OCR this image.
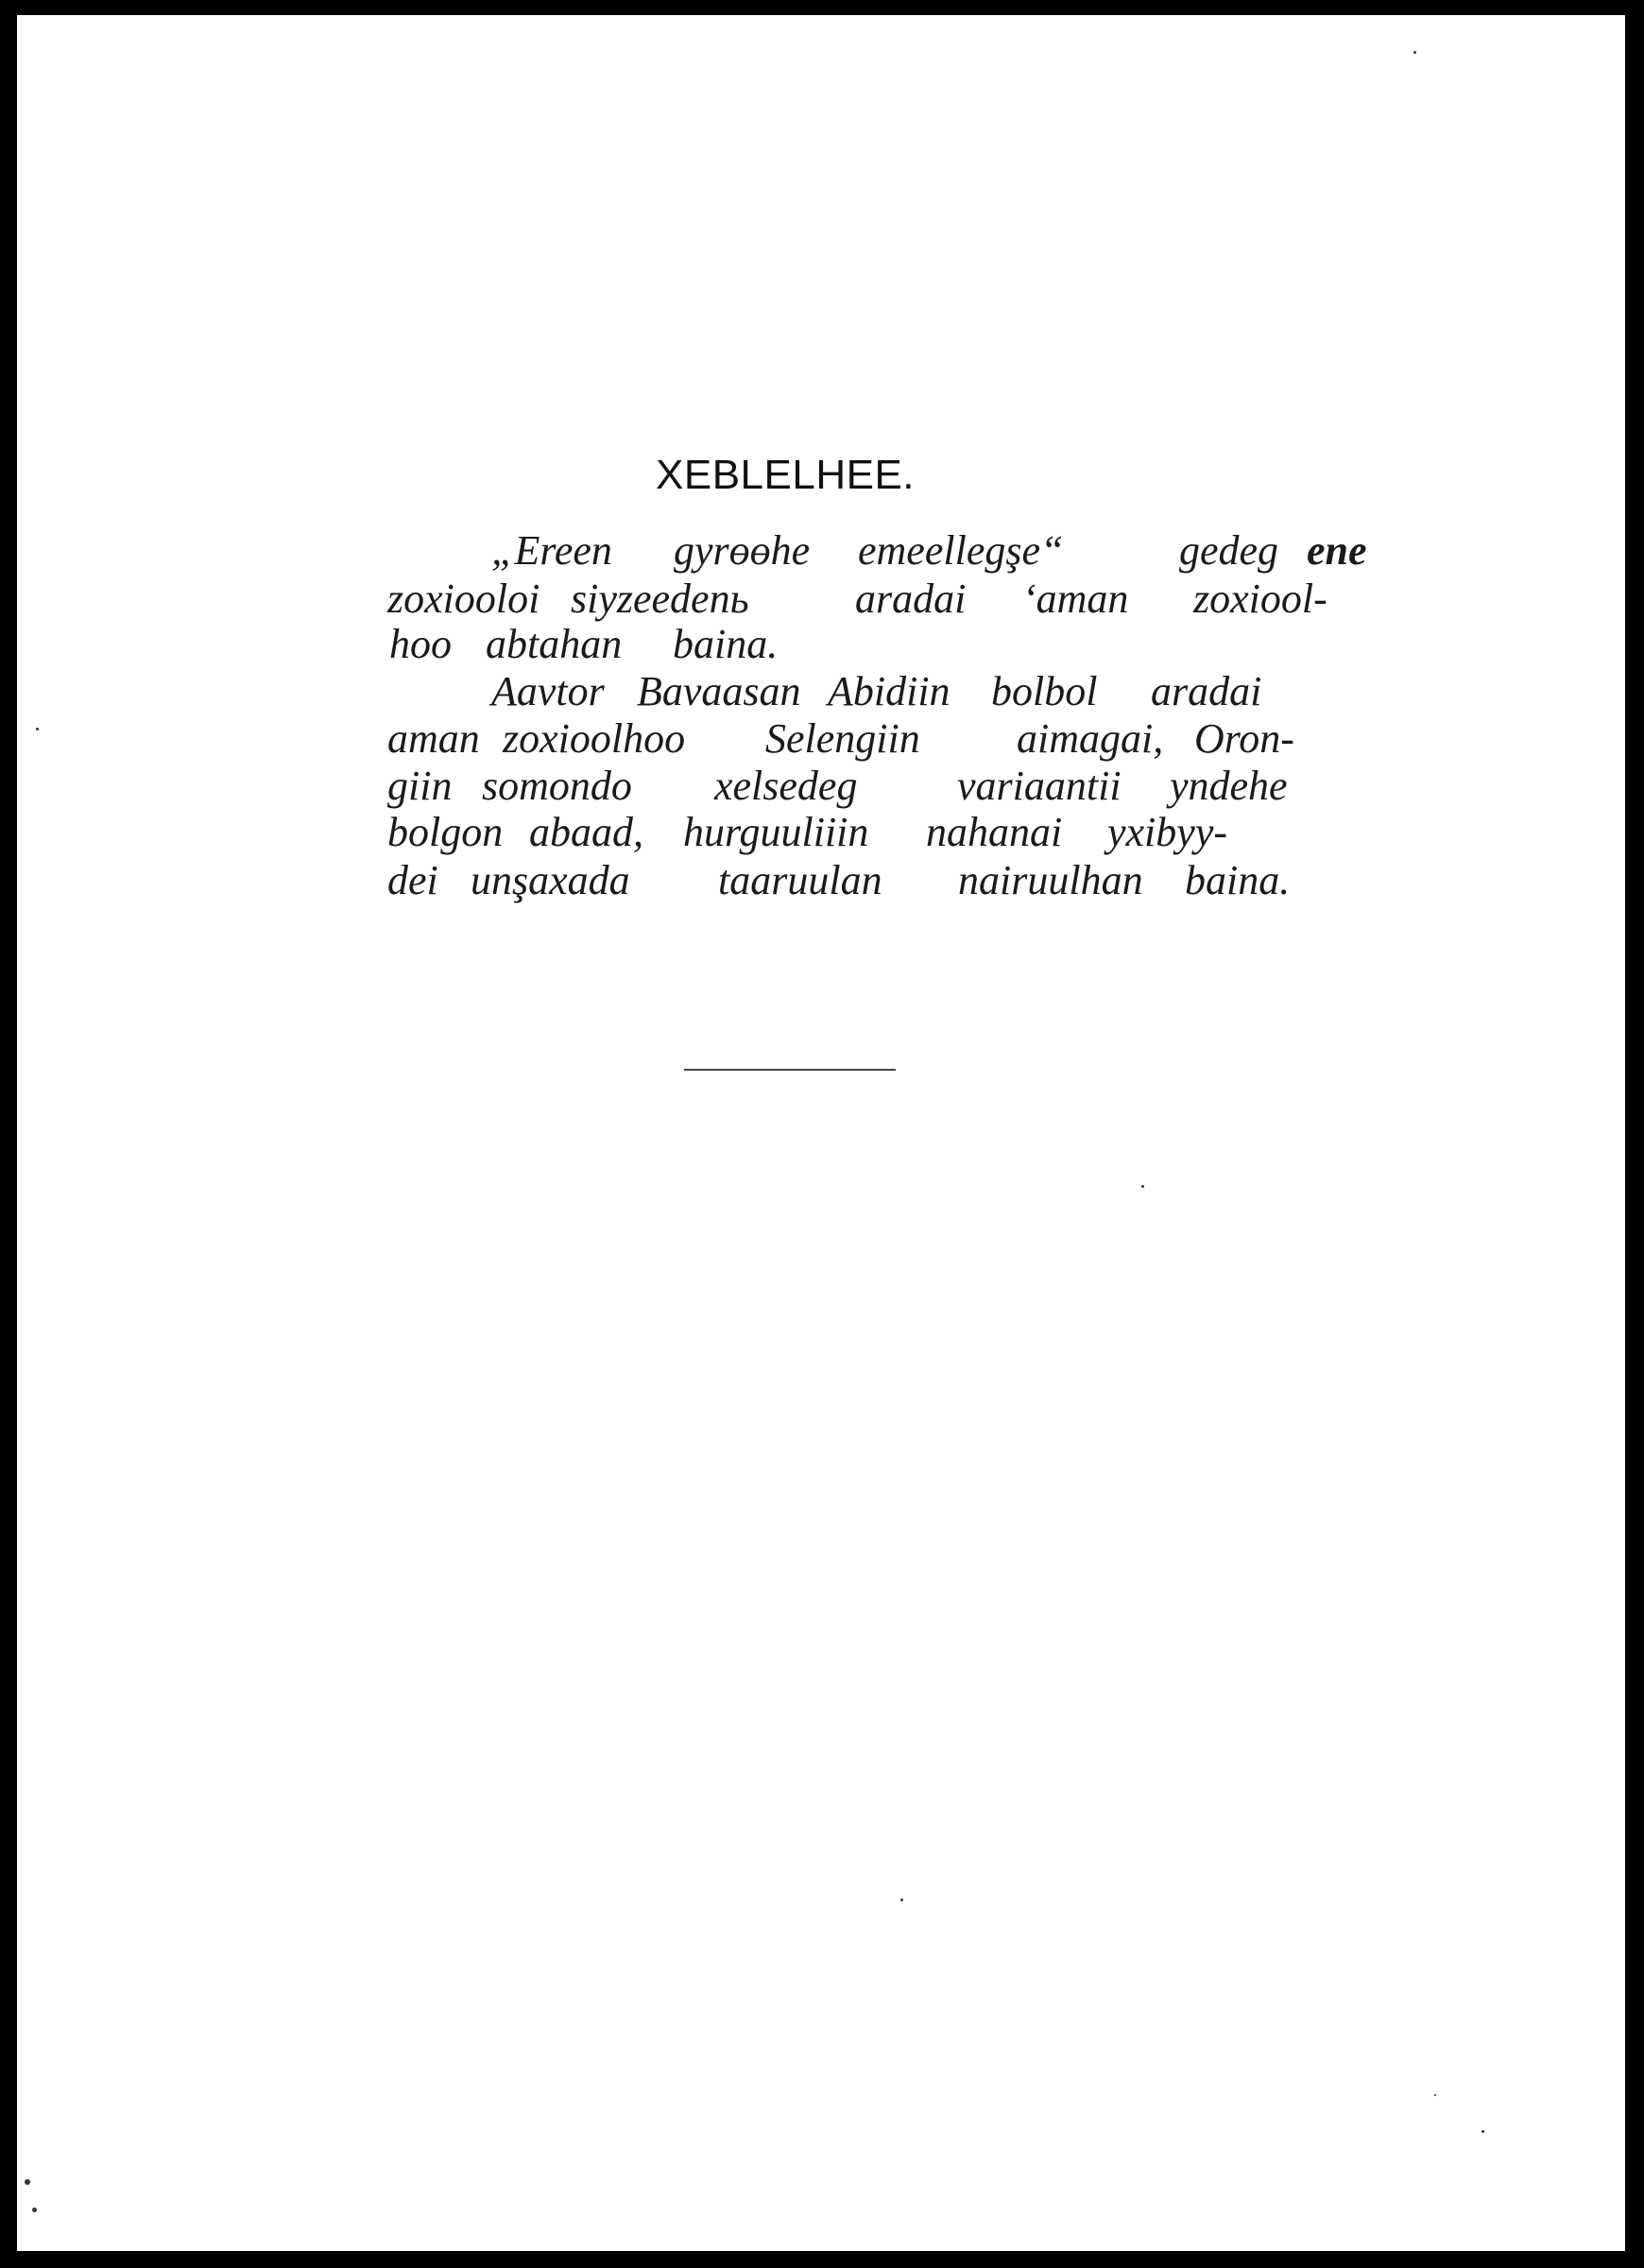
XEBLELHEE.

„Ereen gyrөөhe emeellegşe“	gedeg ene

zoxiooloi siyzeedenь	aradai ʻaman zoxiool-

hoo abtahan baina.

Aavtor Bavaasan Abidiin bolbol aradai

aman zoxioolhoo Selengiin aimagai, Oron-

giin somondo xelsedeg variaantii yndehe

bolgon abaad, hurguuliiin nahanai yxibyy-

dei unşaxada taaruulan nairuulhan baina.
